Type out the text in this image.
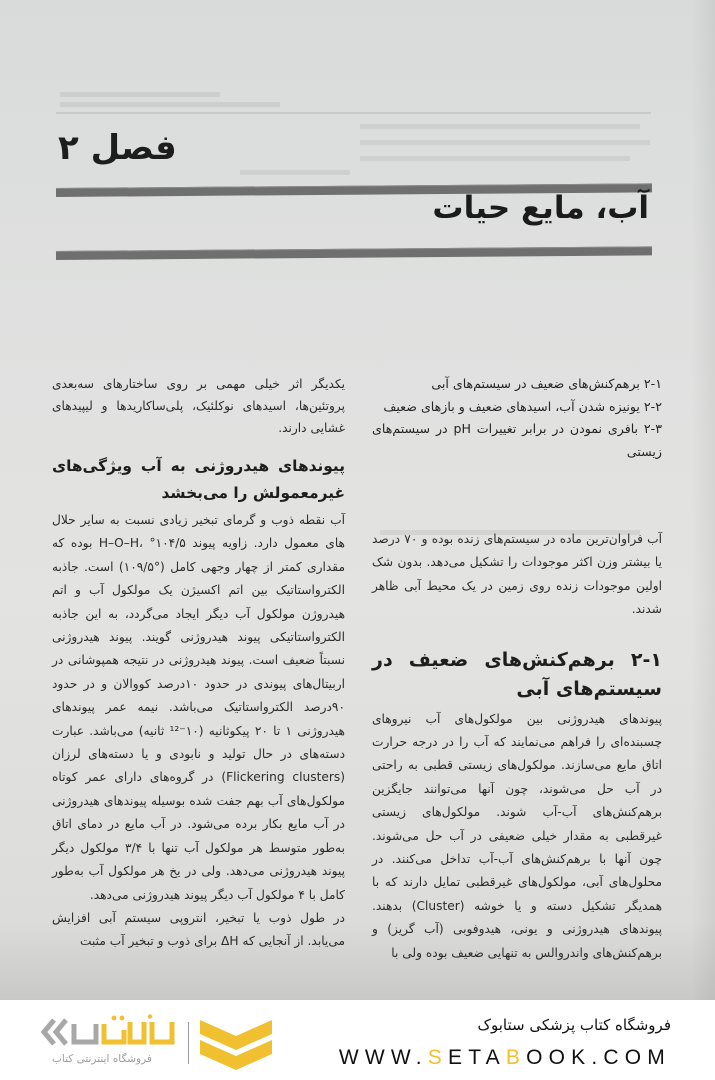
فصل ۲
آب، مایع حیات
۲-۱ برهم‌کنش‌های ضعیف در سیستم‌های آبی
۲-۲ یونیزه شدن آب، اسیدهای ضعیف و بازهای ضعیف
۲-۳ بافری نمودن در برابر تغییرات pH در سیستم‌های زیستی

آب فراوان‌ترین ماده در سیستم‌های زنده بوده و ۷۰ درصد یا بیشتر وزن اکثر موجودات را تشکیل می‌دهد. بدون شک اولین موجودات زنده روی زمین در یک محیط آبی ظاهر شدند.

۲-۱ برهم‌کنش‌های ضعیف در سیستم‌های آبی

پیوندهای هیدروژنی بین مولکول‌های آب نیروهای چسبنده‌ای را فراهم می‌نمایند که آب را در درجه حرارت اتاق مایع می‌سازند. مولکول‌های زیستی قطبی به راحتی در آب حل می‌شوند، چون آنها می‌توانند جایگزین برهم‌کنش‌های آب-آب شوند. مولکول‌های زیستی غیرقطبی به مقدار خیلی ضعیفی در آب حل می‌شوند. چون آنها با برهم‌کنش‌های آب-آب تداخل می‌کنند. در محلول‌های آبی، مولکول‌های غیرقطبی تمایل دارند که با همدیگر تشکیل دسته و یا خوشه (Cluster) بدهند. پیوندهای هیدروژنی و یونی، هیدوفوبی (آب گریز) و برهم‌کنش‌های واندروالس به تنهایی ضعیف بوده ولی با

یکدیگر اثر خیلی مهمی بر روی ساختارهای سه‌بعدی پروتئین‌ها، اسیدهای نوکلئیک، پلی‌ساکاریدها و لیپیدهای غشایی دارند.

پیوندهای هیدروژنی به آب ویژگی‌های غیرمعمولش را می‌بخشد

آب نقطه ذوب و گرمای تبخیر زیادی نسبت به سایر حلال های معمول دارد. زاویه پیوند H–O–H، °۱۰۴/۵ بوده که مقداری کمتر از چهار وجهی کامل (°۱۰۹/۵) است. جاذبه الکترواستاتیک بین اتم اکسیژن یک مولکول آب و اتم هیدروژن مولکول آب دیگر ایجاد می‌گردد، به این جاذبه الکترواستاتیکی پیوند هیدروژنی گویند. پیوند هیدروژنی نسبتاً ضعیف است. پیوند هیدروژنی در نتیجه همپوشانی در اربیتال‌های پیوندی در حدود ۱۰درصد کووالان و در حدود ۹۰درصد الکترواستاتیک می‌باشد. نیمه عمر پیوندهای هیدروژنی ۱ تا ۲۰ پیکوثانیه (۱۰⁻¹² ثانیه) می‌باشد. عبارت دسته‌های در حال تولید و نابودی و یا دسته‌های لرزان (Flickering clusters) در گروه‌های دارای عمر کوتاه مولکول‌های آب بهم جفت شده بوسیله پیوندهای هیدروژنی در آب مایع بکار برده می‌شود. در آب مایع در دمای اتاق به‌طور متوسط هر مولکول آب تنها با ۳/۴ مولکول دیگر پیوند هیدروژنی می‌دهد. ولی در یخ هر مولکول آب به‌طور کامل با ۴ مولکول آب دیگر پیوند هیدروژنی می‌دهد.

در طول ذوب یا تبخیر، انتروپی سیستم آبی افزایش می‌یابد. از آنجایی که ΔH برای ذوب و تبخیر آب مثبت

فروشگاه کتاب پزشکی ستابوک
WWW.SETABOOK.COM
فروشگاه اینترنتی کتاب
